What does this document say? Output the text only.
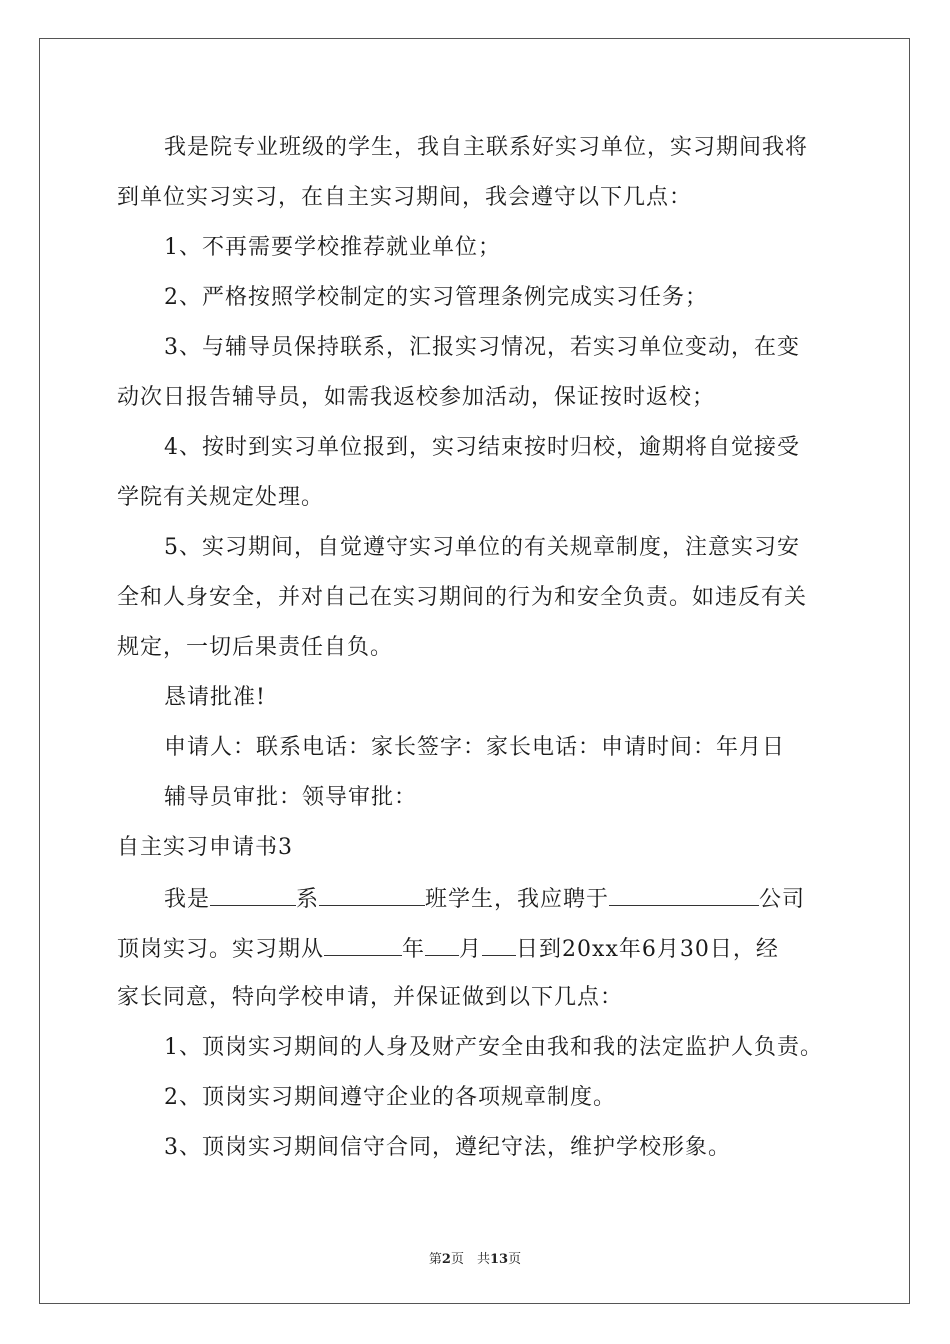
我是院专业班级的学生，我自主联系好实习单位，实习期间我将
到单位实习实习，在自主实习期间，我会遵守以下几点：
1、不再需要学校推荐就业单位；
2、严格按照学校制定的实习管理条例完成实习任务；
3、与辅导员保持联系，汇报实习情况，若实习单位变动，在变
动次日报告辅导员，如需我返校参加活动，保证按时返校；
4、按时到实习单位报到，实习结束按时归校，逾期将自觉接受
学院有关规定处理。
5、实习期间，自觉遵守实习单位的有关规章制度，注意实习安
全和人身安全，并对自己在实习期间的行为和安全负责。如违反有关
规定，一切后果责任自负。
恳请批准!
申请人：联系电话：家长签字：家长电话：申请时间：年月日
辅导员审批：领导审批：
自主实习申请书3
我是	系	班学生，我应聘于	公司
顶岗实习。实习期从	年 月 日到20xx年6月30日，经
家长同意，特向学校申请，并保证做到以下几点：
1、顶岗实习期间的人身及财产安全由我和我的法定监护人负责。
2、顶岗实习期间遵守企业的各项规章制度。
3、顶岗实习期间信守合同，遵纪守法，维护学校形象。
第2页　共13页
